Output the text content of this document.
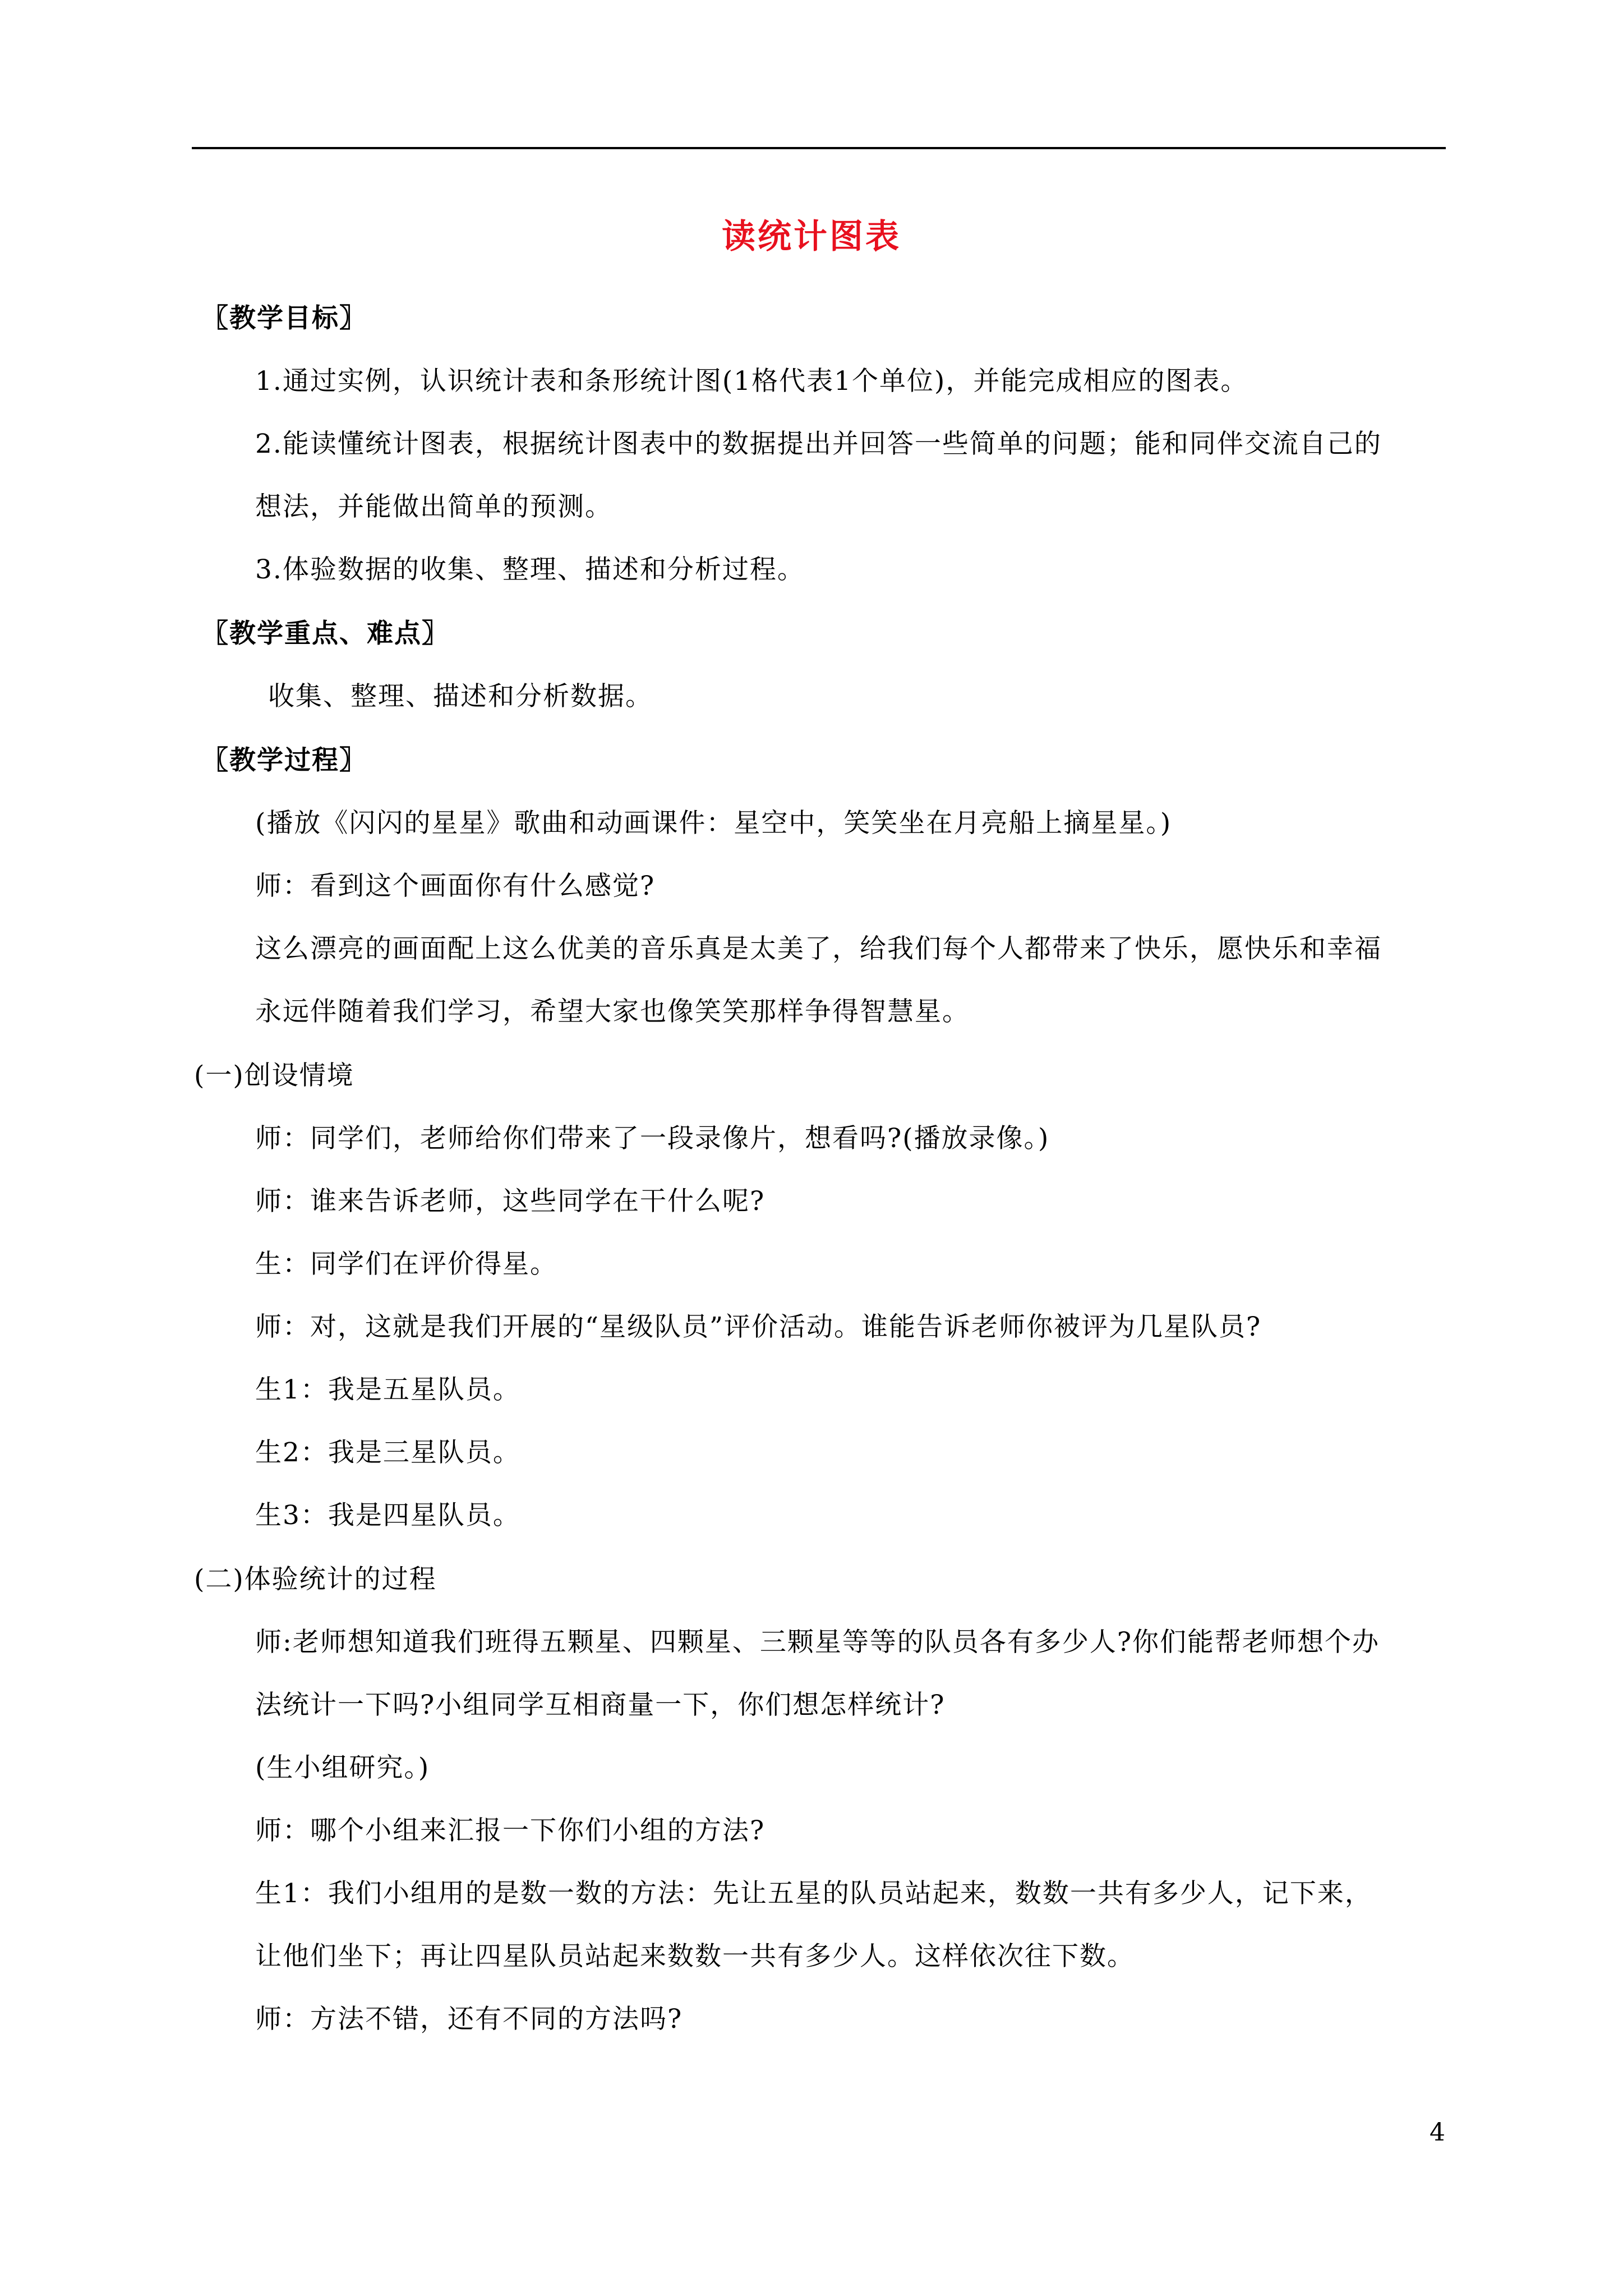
读统计图表
〖教学目标〗
1.通过实例，认识统计表和条形统计图(1格代表1个单位)，并能完成相应的图表。
2.能读懂统计图表，根据统计图表中的数据提出并回答一些简单的问题；能和同伴交流自己的
想法，并能做出简单的预测。
3.体验数据的收集、整理、描述和分析过程。
〖教学重点、难点〗
收集、整理、描述和分析数据。
〖教学过程〗
(播放《闪闪的星星》歌曲和动画课件：星空中，笑笑坐在月亮船上摘星星。)
师：看到这个画面你有什么感觉?
这么漂亮的画面配上这么优美的音乐真是太美了，给我们每个人都带来了快乐，愿快乐和幸福
永远伴随着我们学习，希望大家也像笑笑那样争得智慧星。
(一)创设情境
师：同学们，老师给你们带来了一段录像片，想看吗?(播放录像。)
师：谁来告诉老师，这些同学在干什么呢?
生：同学们在评价得星。
师：对，这就是我们开展的“星级队员”评价活动。谁能告诉老师你被评为几星队员?
生1：我是五星队员。
生2：我是三星队员。
生3：我是四星队员。
(二)体验统计的过程
师:老师想知道我们班得五颗星、四颗星、三颗星等等的队员各有多少人?你们能帮老师想个办
法统计一下吗?小组同学互相商量一下，你们想怎样统计?
(生小组研究。)
师：哪个小组来汇报一下你们小组的方法?
生1：我们小组用的是数一数的方法：先让五星的队员站起来，数数一共有多少人，记下来，
让他们坐下；再让四星队员站起来数数一共有多少人。这样依次往下数。
师：方法不错，还有不同的方法吗?
4
